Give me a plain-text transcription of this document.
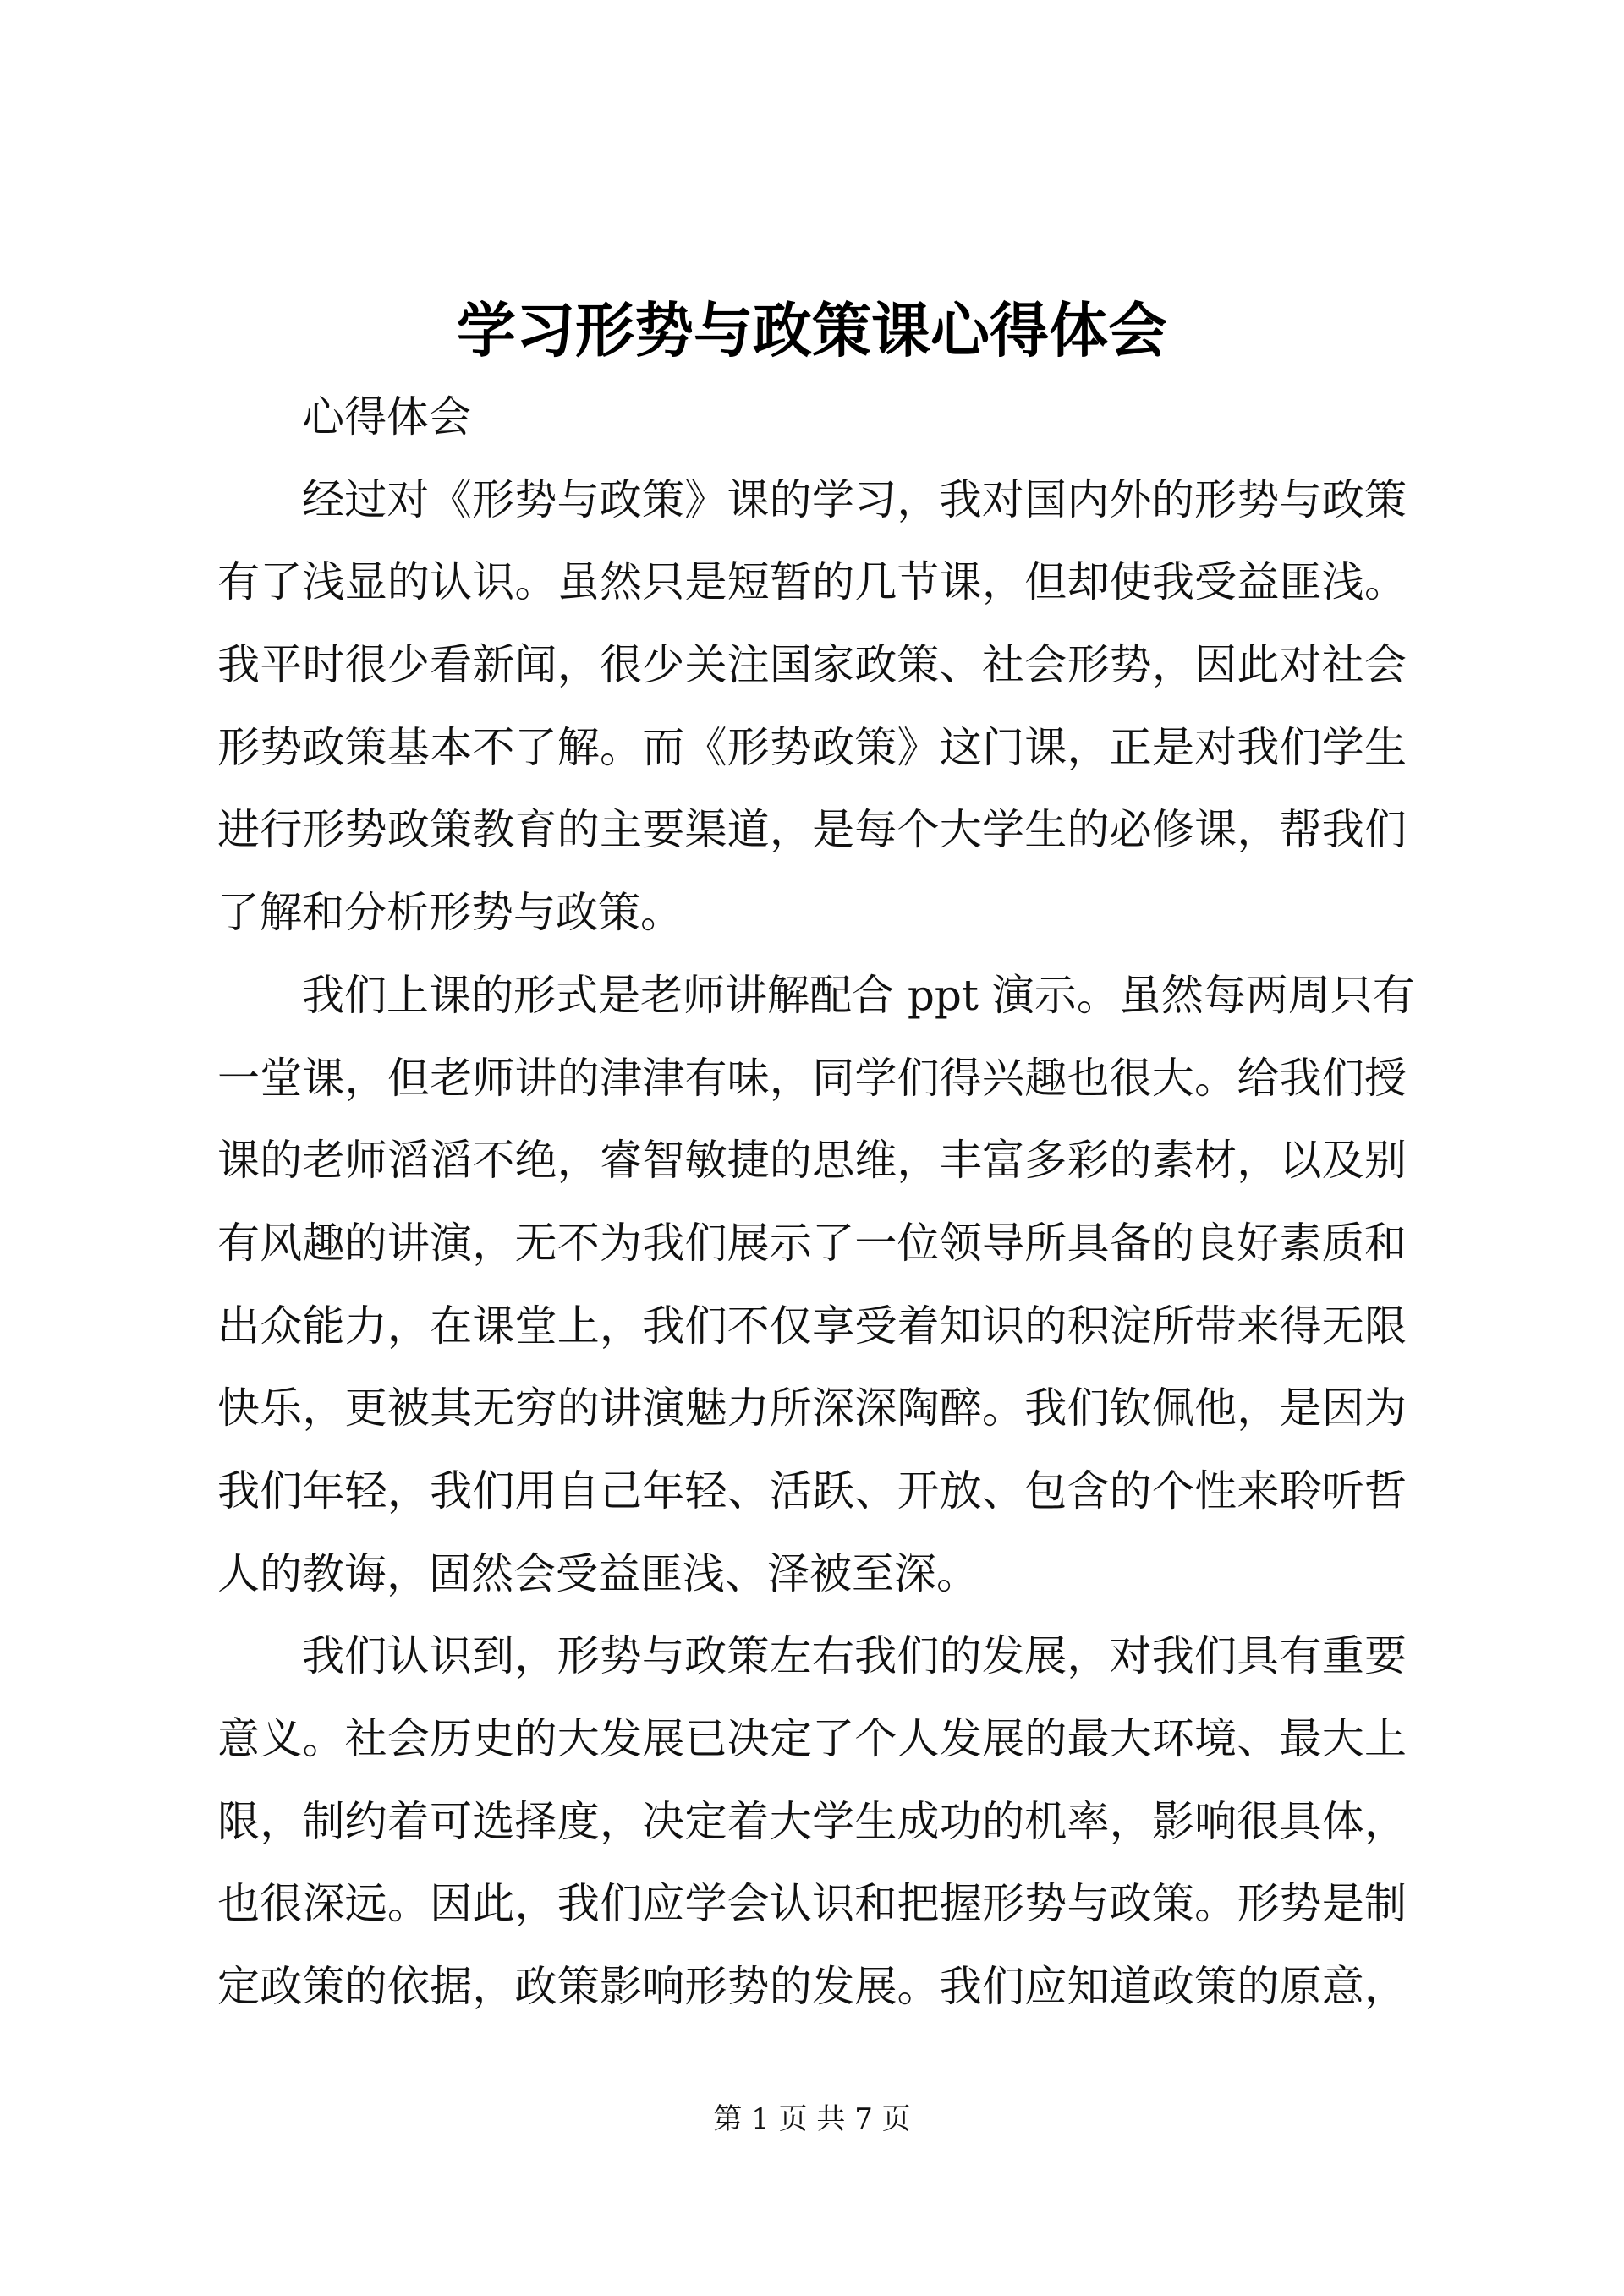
学习形势与政策课心得体会
心得体会
经过对《形势与政策》课的学习，我对国内外的形势与政策
有了浅显的认识。虽然只是短暂的几节课，但却使我受益匪浅。
我平时很少看新闻，很少关注国家政策、社会形势，因此对社会
形势政策基本不了解。而《形势政策》这门课，正是对我们学生
进行形势政策教育的主要渠道，是每个大学生的必修课，帮我们
了解和分析形势与政策。
我们上课的形式是老师讲解配合 ppt 演示。虽然每两周只有
一堂课，但老师讲的津津有味，同学们得兴趣也很大。给我们授
课的老师滔滔不绝，睿智敏捷的思维，丰富多彩的素材，以及别
有风趣的讲演，无不为我们展示了一位领导所具备的良好素质和
出众能力，在课堂上，我们不仅享受着知识的积淀所带来得无限
快乐，更被其无穷的讲演魅力所深深陶醉。我们钦佩他，是因为
我们年轻，我们用自己年轻、活跃、开放、包含的个性来聆听哲
人的教诲，固然会受益匪浅、泽被至深。
我们认识到，形势与政策左右我们的发展，对我们具有重要
意义。社会历史的大发展已决定了个人发展的最大环境、最大上
限，制约着可选择度，决定着大学生成功的机率，影响很具体，
也很深远。因此，我们应学会认识和把握形势与政策。形势是制
定政策的依据，政策影响形势的发展。我们应知道政策的原意，
第 1 页 共 7 页
